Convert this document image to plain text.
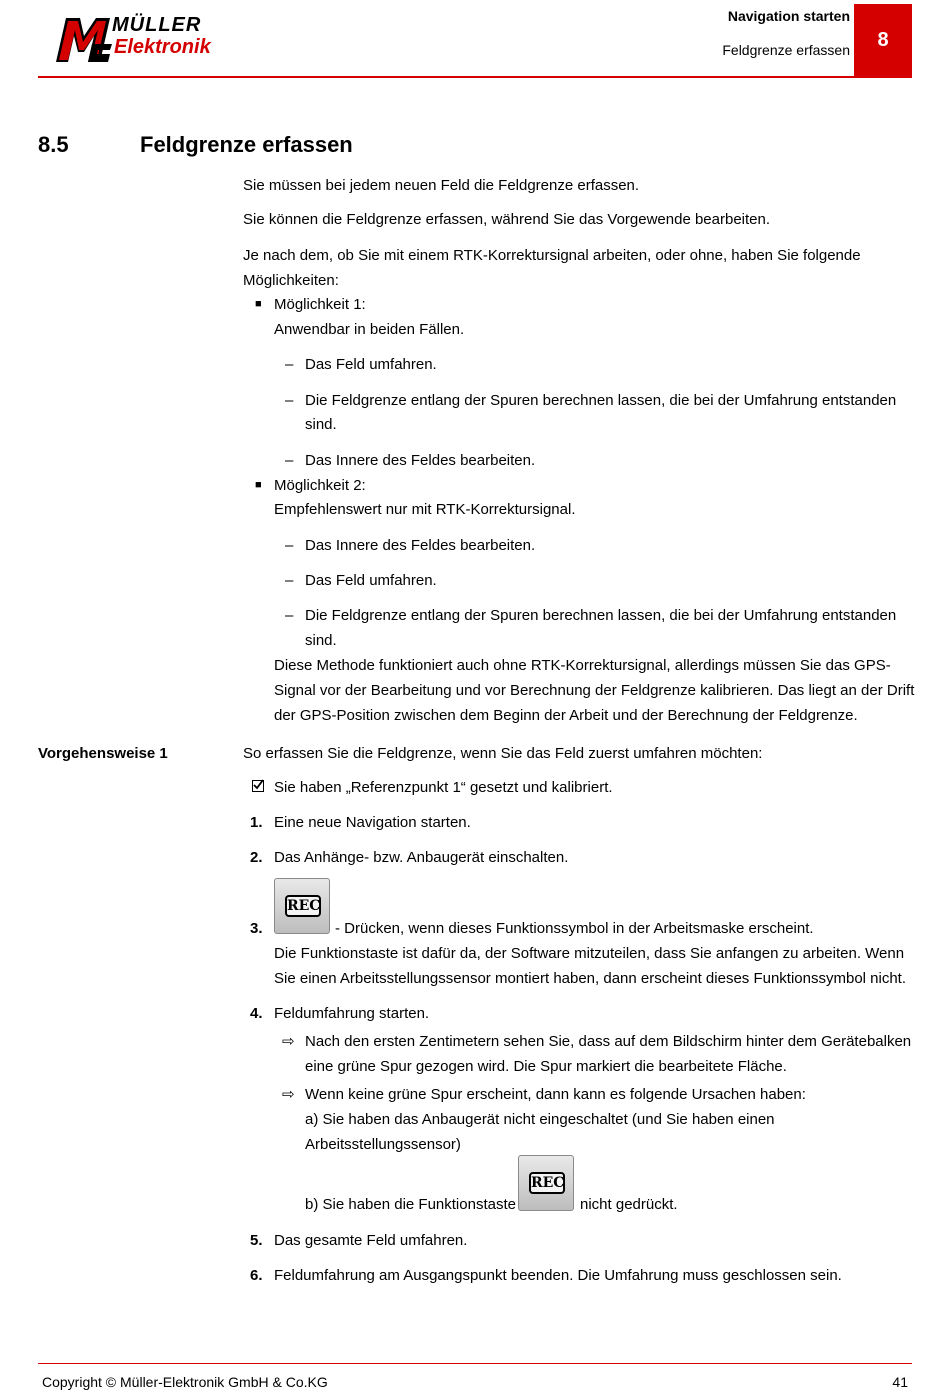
MÜLLER
Elektronik
Navigation starten
Feldgrenze erfassen	8
8.5	Feldgrenze erfassen
Sie müssen bei jedem neuen Feld die Feldgrenze erfassen.
Sie können die Feldgrenze erfassen, während Sie das Vorgewende bearbeiten.
Je nach dem, ob Sie mit einem RTK-Korrektursignal arbeiten, oder ohne, haben Sie folgende
Möglichkeiten:
■ Möglichkeit 1:
Anwendbar in beiden Fällen.
– Das Feld umfahren.
– Die Feldgrenze entlang der Spuren berechnen lassen, die bei der Umfahrung entstanden
sind.
– Das Innere des Feldes bearbeiten.
■ Möglichkeit 2:
Empfehlenswert nur mit RTK-Korrektursignal.
– Das Innere des Feldes bearbeiten.
– Das Feld umfahren.
– Die Feldgrenze entlang der Spuren berechnen lassen, die bei der Umfahrung entstanden
sind.
Diese Methode funktioniert auch ohne RTK-Korrektursignal, allerdings müssen Sie das GPS-
Signal vor der Bearbeitung und vor Berechnung der Feldgrenze kalibrieren. Das liegt an der Drift
der GPS-Position zwischen dem Beginn der Arbeit und der Berechnung der Feldgrenze.
Vorgehensweise 1	So erfassen Sie die Feldgrenze, wenn Sie das Feld zuerst umfahren möchten:
Sie haben „Referenzpunkt 1“ gesetzt und kalibriert.
1. Eine neue Navigation starten.
2. Das Anhänge- bzw. Anbaugerät einschalten.
REC
3.	- Drücken, wenn dieses Funktionssymbol in der Arbeitsmaske erscheint.
Die Funktionstaste ist dafür da, der Software mitzuteilen, dass Sie anfangen zu arbeiten. Wenn
Sie einen Arbeitsstellungssensor montiert haben, dann erscheint dieses Funktionssymbol nicht.
4. Feldumfahrung starten.
⇨ Nach den ersten Zentimetern sehen Sie, dass auf dem Bildschirm hinter dem Gerätebalken
eine grüne Spur gezogen wird. Die Spur markiert die bearbeitete Fläche.
⇨ Wenn keine grüne Spur erscheint, dann kann es folgende Ursachen haben:
a) Sie haben das Anbaugerät nicht eingeschaltet (und Sie haben einen
Arbeitsstellungssensor)
REC
b) Sie haben die Funktionstaste	nicht gedrückt.
5. Das gesamte Feld umfahren.
6. Feldumfahrung am Ausgangspunkt beenden. Die Umfahrung muss geschlossen sein.
Copyright © Müller-Elektronik GmbH & Co.KG	41
